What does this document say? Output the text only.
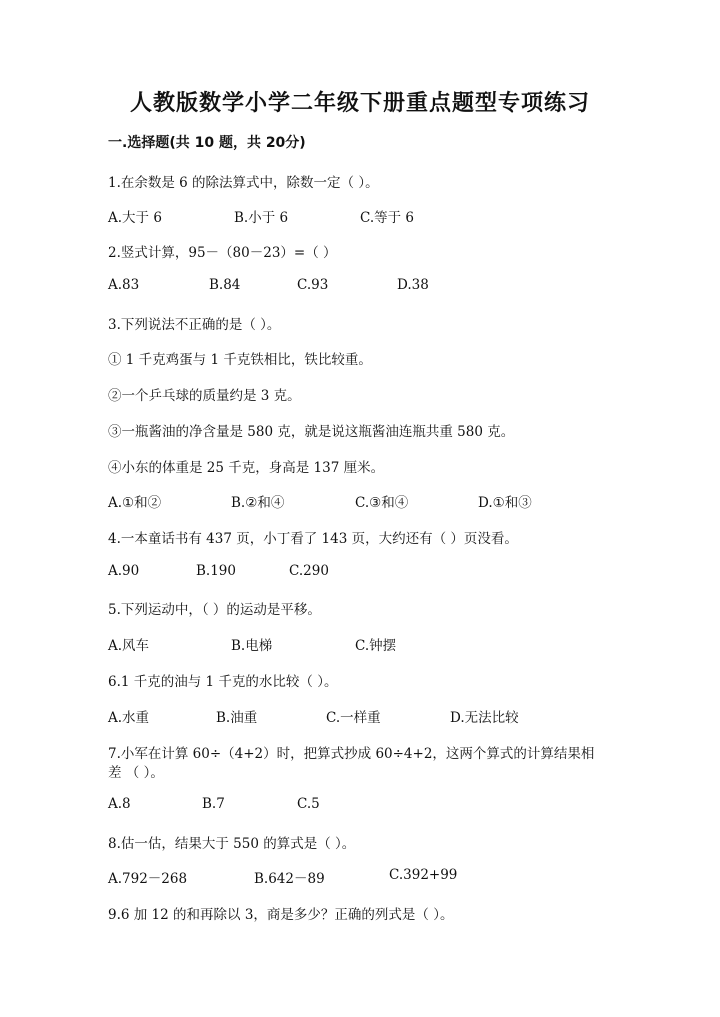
人教版数学小学二年级下册重点题型专项练习
一.选择题(共 10 题，共 20分)
1.在余数是 6 的除法算式中，除数一定（ ）。
A.大于 6	B.小于 6	C.等于 6
2.竖式计算，95－（80－23）=（ ）
A.83	B.84	C.93	D.38
3.下列说法不正确的是（ ）。
① 1 千克鸡蛋与 1 千克铁相比，铁比较重。
②一个乒乓球的质量约是 3 克。
③一瓶酱油的净含量是 580 克，就是说这瓶酱油连瓶共重 580 克。
④小东的体重是 25 千克，身高是 137 厘米。
A.①和②	B.②和④	C.③和④	D.①和③
4.一本童话书有 437 页，小丁看了 143 页，大约还有（ ）页没看。
A.90	B.190	C.290
5.下列运动中，（ ）的运动是平移。
A.风车	B.电梯	C.钟摆
6.1 千克的油与 1 千克的水比较（ ）。
A.水重	B.油重	C.一样重	D.无法比较
7.小军在计算 60÷（4+2）时，把算式抄成 60÷4+2，这两个算式的计算结果相
差 （ ）。
A.8	B.7	C.5
8.估一估，结果大于 550 的算式是（ ）。
A.792－268	B.642－89	C.392+99
9.6 加 12 的和再除以 3，商是多少？正确的列式是（ ）。
